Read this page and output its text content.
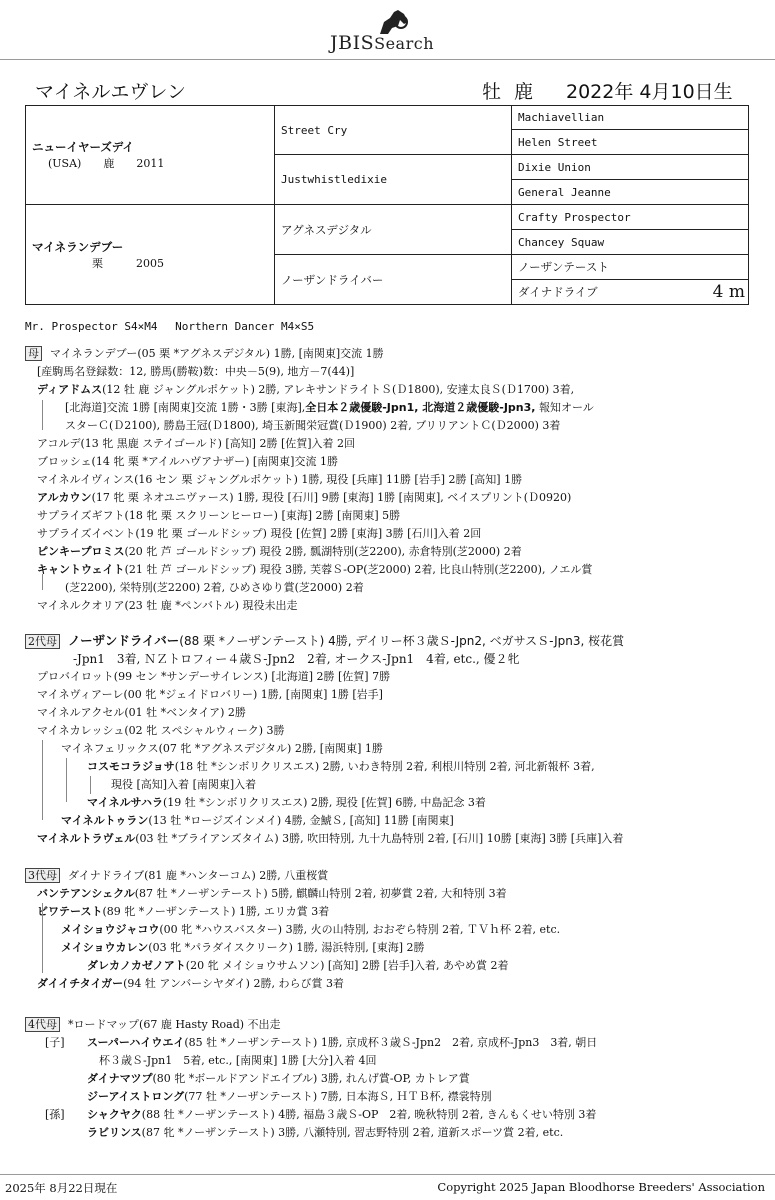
JBISSearch
マイネルエヴレン	牡 鹿 2022年 4月10日生
ニューイヤーズデイ
(USA)　　鹿　　2011	Street Cry	Machiavellian
		Helen Street
	Justwhistledixie	Dixie Union
		General Jeanne

マイネランデブー
栗　　　2005	アグネスデジタル	Crafty Prospector
		Chancey Squaw
	ノーザンドライバー	ノーザンテースト
		ダイナドライブ 4 m
Mr. Prospector S4×M4　 Northern Dancer M4×S5
母 マイネランデブー(05 栗 *アグネスデジタル) 1勝, [南関東]交流 1勝
[産駒馬名登録数：12, 勝馬(勝鞍)数：中央－5(9), 地方－7(44)]
ディアドムス(12 牡 鹿 ジャングルポケット) 2勝, アレキサンドライトＳ(Ｄ1800), 安達太良Ｓ(Ｄ1700) 3着,
[北海道]交流 1勝 [南関東]交流 1勝・3勝 [東海],全日本２歳優駿-Jpn1, 北海道２歳優駿-Jpn3, 報知オール
スターＣ(Ｄ2100), 勝島王冠(Ｄ1800), 埼玉新聞栄冠賞(Ｄ1900) 2着, ブリリアントＣ(Ｄ2000) 3着
アコルデ(13 牝 黒鹿 ステイゴールド) [高知] 2勝 [佐賀]入着 2回
ブロッシェ(14 牝 栗 *アイルハヴアナザー) [南関東]交流 1勝
マイネルイヴィンス(16 セン 栗 ジャングルポケット) 1勝, 現役 [兵庫] 11勝 [岩手] 2勝 [高知] 1勝
アルカウン(17 牝 栗 ネオユニヴァース) 1勝, 現役 [石川] 9勝 [東海] 1勝 [南関東], ベイスプリント(Ｄ0920)
サプライズギフト(18 牝 栗 スクリーンヒーロー) [東海] 2勝 [南関東] 5勝
サプライズイベント(19 牝 栗 ゴールドシップ) 現役 [佐賀] 2勝 [東海] 3勝 [石川]入着 2回
ピンキープロミス(20 牝 芦 ゴールドシップ) 現役 2勝, 瓢湖特別(芝2200), 赤倉特別(芝2000) 2着
キャントウェイト(21 牡 芦 ゴールドシップ) 現役 3勝, 芙蓉Ｓ-OP(芝2000) 2着, 比良山特別(芝2200), ノエル賞
(芝2200), 栄特別(芝2200) 2着, ひめさゆり賞(芝2000) 2着
マイネルクオリア(23 牡 鹿 *ペンバトル) 現役未出走
2代母 ノーザンドライバー(88 栗 *ノーザンテースト) 4勝, デイリー杯３歳Ｓ-Jpn2, ベガサスＳ-Jpn3, 桜花賞
-Jpn1　3着, ＮＺトロフィー４歳Ｓ-Jpn2　2着, オークス-Jpn1　4着, etc., 優２牝
プロバイロット(99 セン *サンデーサイレンス) [北海道] 2勝 [佐賀] 7勝
マイネヴィアーレ(00 牝 *ジェイドロバリー) 1勝, [南関東] 1勝 [岩手]
マイネルアクセル(01 牡 *ベンタイア) 2勝
マイネカレッシュ(02 牝 スペシャルウィーク) 3勝
マイネフェリックス(07 牝 *アグネスデジタル) 2勝, [南関東] 1勝
コスモコラジョサ(18 牡 *シンボリクリスエス) 2勝, いわき特別 2着, 利根川特別 2着, 河北新報杯 3着,
現役 [高知]入着 [南関東]入着
マイネルサハラ(19 牡 *シンボリクリスエス) 2勝, 現役 [佐賀] 6勝, 中島記念 3着
マイネルトゥラン(13 牡 *ロージズインメイ) 4勝, 金鯱Ｓ, [高知] 11勝 [南関東]
マイネルトラヴェル(03 牡 *ブライアンズタイム) 3勝, 吹田特別, 九十九島特別 2着, [石川] 10勝 [東海] 3勝 [兵庫]入着
3代母 ダイナドライブ(81 鹿 *ハンターコム) 2勝, 八重桜賞
バンテアンシェクル(87 牡 *ノーザンテースト) 5勝, 麒麟山特別 2着, 初夢賞 2着, 大和特別 3着
ビワテースト(89 牝 *ノーザンテースト) 1勝, エリカ賞 3着
メイショウジャコウ(00 牝 *ハウスバスター) 3勝, 火の山特別, おおぞら特別 2着, ＴＶｈ杯 2着, etc.
メイショウカレン(03 牝 *パラダイスクリーク) 1勝, 湯浜特別, [東海] 2勝
ダレカノカゼノアト(20 牝 メイショウサムソン) [高知] 2勝 [岩手]入着, あやめ賞 2着
ダイイチタイガー(94 牡 アンバーシヤダイ) 2勝, わらび賞 3着
4代母 *ロードマップ(67 鹿 Hasty Road) 不出走
[子] スーパーハイウエイ(85 牡 *ノーザンテースト) 1勝, 京成杯３歳Ｓ-Jpn2　2着, 京成杯-Jpn3　3着, 朝日
杯３歳Ｓ-Jpn1　5着, etc., [南関東] 1勝 [大分]入着 4回
ダイナマツプ(80 牝 *ボールドアンドエイブル) 3勝, れんげ賞-OP, カトレア賞
ジーアイストロング(77 牡 *ノーザンテースト) 7勝, 日本海Ｓ, ＨＴＢ杯, 襟裳特別
[孫] シャクヤク(88 牡 *ノーザンテースト) 4勝, 福島３歳Ｓ-OP　2着, 晩秋特別 2着, きんもくせい特別 3着
ラビリンス(87 牝 *ノーザンテースト) 3勝, 八瀬特別, 習志野特別 2着, 道新スポーツ賞 2着, etc.
2025年 8月22日現在	Copyright 2025 Japan Bloodhorse Breeders' Association
